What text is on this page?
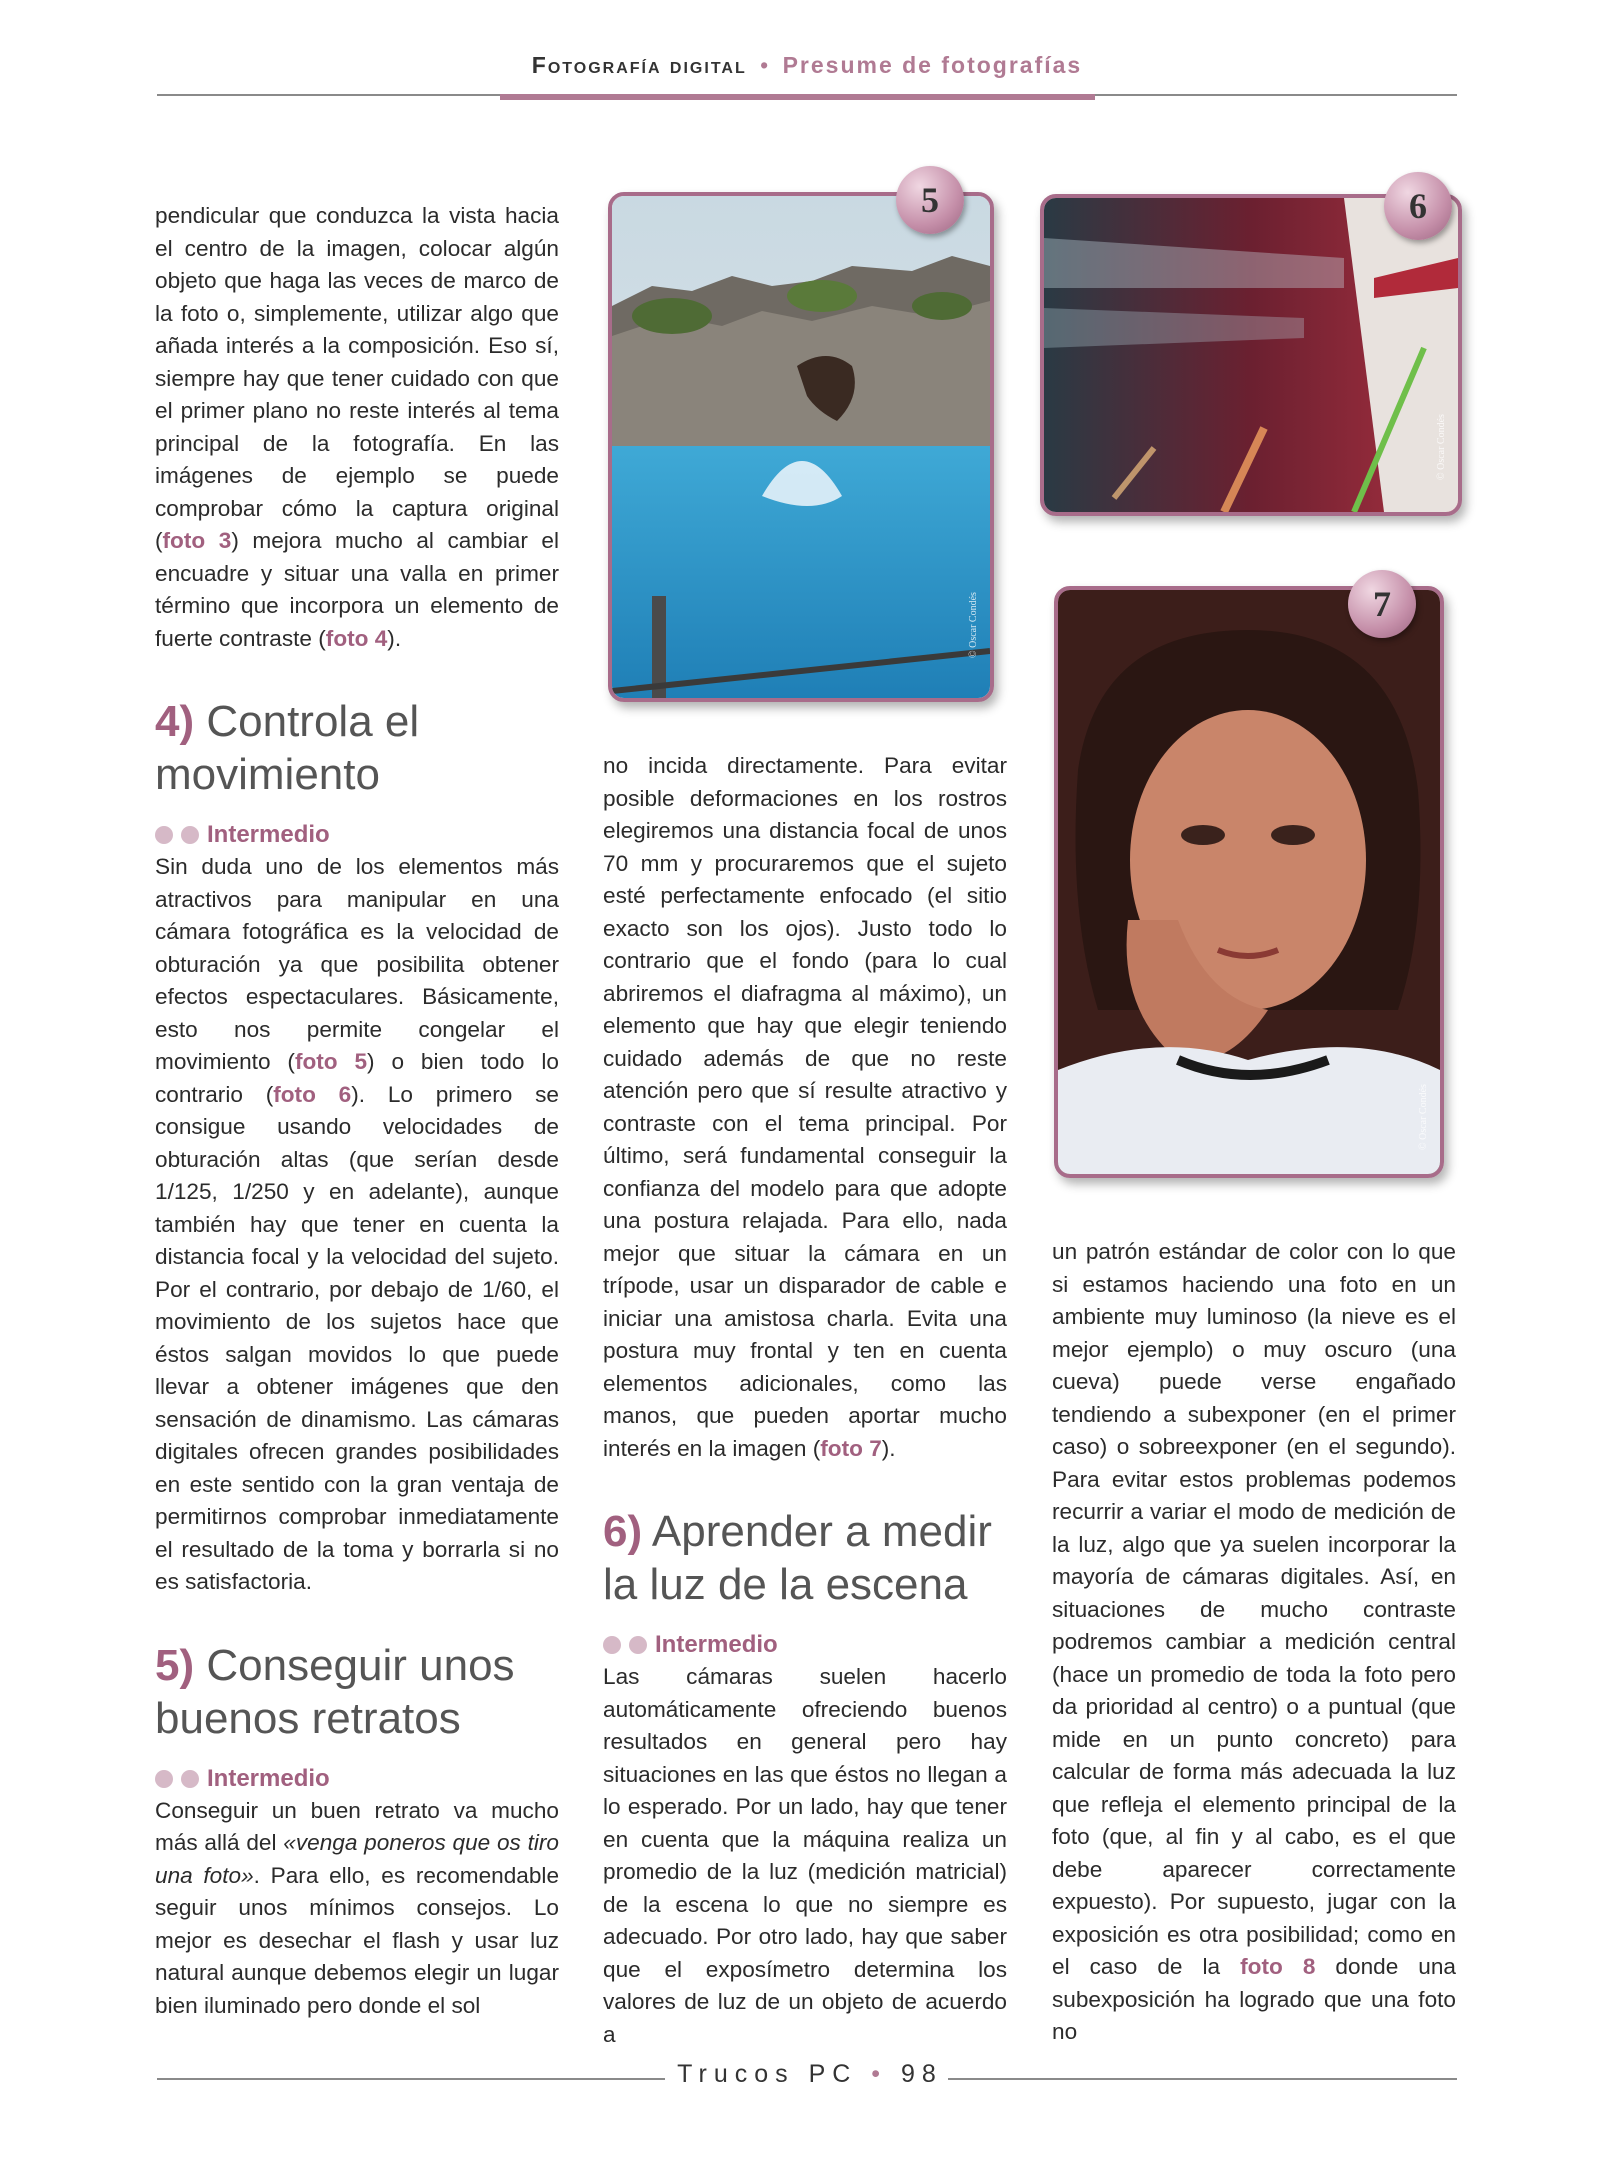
Fotografía digital • Presume de fotografías

pendicular que conduzca la vista hacia el centro de la imagen, colocar algún objeto que haga las veces de marco de la foto o, simplemente, utilizar algo que añada interés a la composición. Eso sí, siempre hay que tener cuidado con que el primer plano no reste interés al tema principal de la fotografía. En las imágenes de ejemplo se puede comprobar cómo la captura original (foto 3) mejora mucho al cambiar el encuadre y situar una valla en primer término que incorpora un elemento de fuerte contraste (foto 4).

4) Controla el movimiento
Intermedio

Sin duda uno de los elementos más atractivos para manipular en una cámara fotográfica es la velocidad de obturación ya que posibilita obtener efectos espectaculares. Básicamente, esto nos permite congelar el movimiento (foto 5) o bien todo lo contrario (foto 6). Lo primero se consigue usando velocidades de obturación altas (que serían desde 1/125, 1/250 y en adelante), aunque también hay que tener en cuenta la distancia focal y la velocidad del sujeto. Por el contrario, por debajo de 1/60, el movimiento de los sujetos hace que éstos salgan movidos lo que puede llevar a obtener imágenes que den sensación de dinamismo. Las cámaras digitales ofrecen grandes posibilidades en este sentido con la gran ventaja de permitirnos comprobar inmediatamente el resultado de la toma y borrarla si no es satisfactoria.

5) Conseguir unos buenos retratos
Intermedio

Conseguir un buen retrato va mucho más allá del «venga poneros que os tiro una foto». Para ello, es recomendable seguir unos mínimos consejos. Lo mejor es desechar el flash y usar luz natural aunque debemos elegir un lugar bien iluminado pero donde el sol

© Oscar Condés
5
© Oscar Condés
6
© Oscar Condés
7

no incida directamente. Para evitar posible deformaciones en los rostros elegiremos una distancia focal de unos 70 mm y procuraremos que el sujeto esté perfectamente enfocado (el sitio exacto son los ojos). Justo todo lo contrario que el fondo (para lo cual abriremos el diafragma al máximo), un elemento que hay que elegir teniendo cuidado además de que no reste atención pero que sí resulte atractivo y contraste con el tema principal. Por último, será fundamental conseguir la confianza del modelo para que adopte una postura relajada. Para ello, nada mejor que situar la cámara en un trípode, usar un disparador de cable e iniciar una amistosa charla. Evita una postura muy frontal y ten en cuenta elementos adicionales, como las manos, que pueden aportar mucho interés en la imagen (foto 7).

6) Aprender a medir la luz de la escena
Intermedio

Las cámaras suelen hacerlo automáticamente ofreciendo buenos resultados en general pero hay situaciones en las que éstos no llegan a lo esperado. Por un lado, hay que tener en cuenta que la máquina realiza un promedio de la luz (medición matricial) de la escena lo que no siempre es adecuado. Por otro lado, hay que saber que el exposímetro determina los valores de luz de un objeto de acuerdo a

un patrón estándar de color con lo que si estamos haciendo una foto en un ambiente muy luminoso (la nieve es el mejor ejemplo) o muy oscuro (una cueva) puede verse engañado tendiendo a subexponer (en el primer caso) o sobreexponer (en el segundo). Para evitar estos problemas podemos recurrir a variar el modo de medición de la luz, algo que ya suelen incorporar la mayoría de cámaras digitales. Así, en situaciones de mucho contraste podremos cambiar a medición central (hace un promedio de toda la foto pero da prioridad al centro) o a puntual (que mide en un punto concreto) para calcular de forma más adecuada la luz que refleja el elemento principal de la foto (que, al fin y al cabo, es el que debe aparecer correctamente expuesto). Por supuesto, jugar con la exposición es otra posibilidad; como en el caso de la foto 8 donde una subexposición ha logrado que una foto no

Trucos PC • 98
